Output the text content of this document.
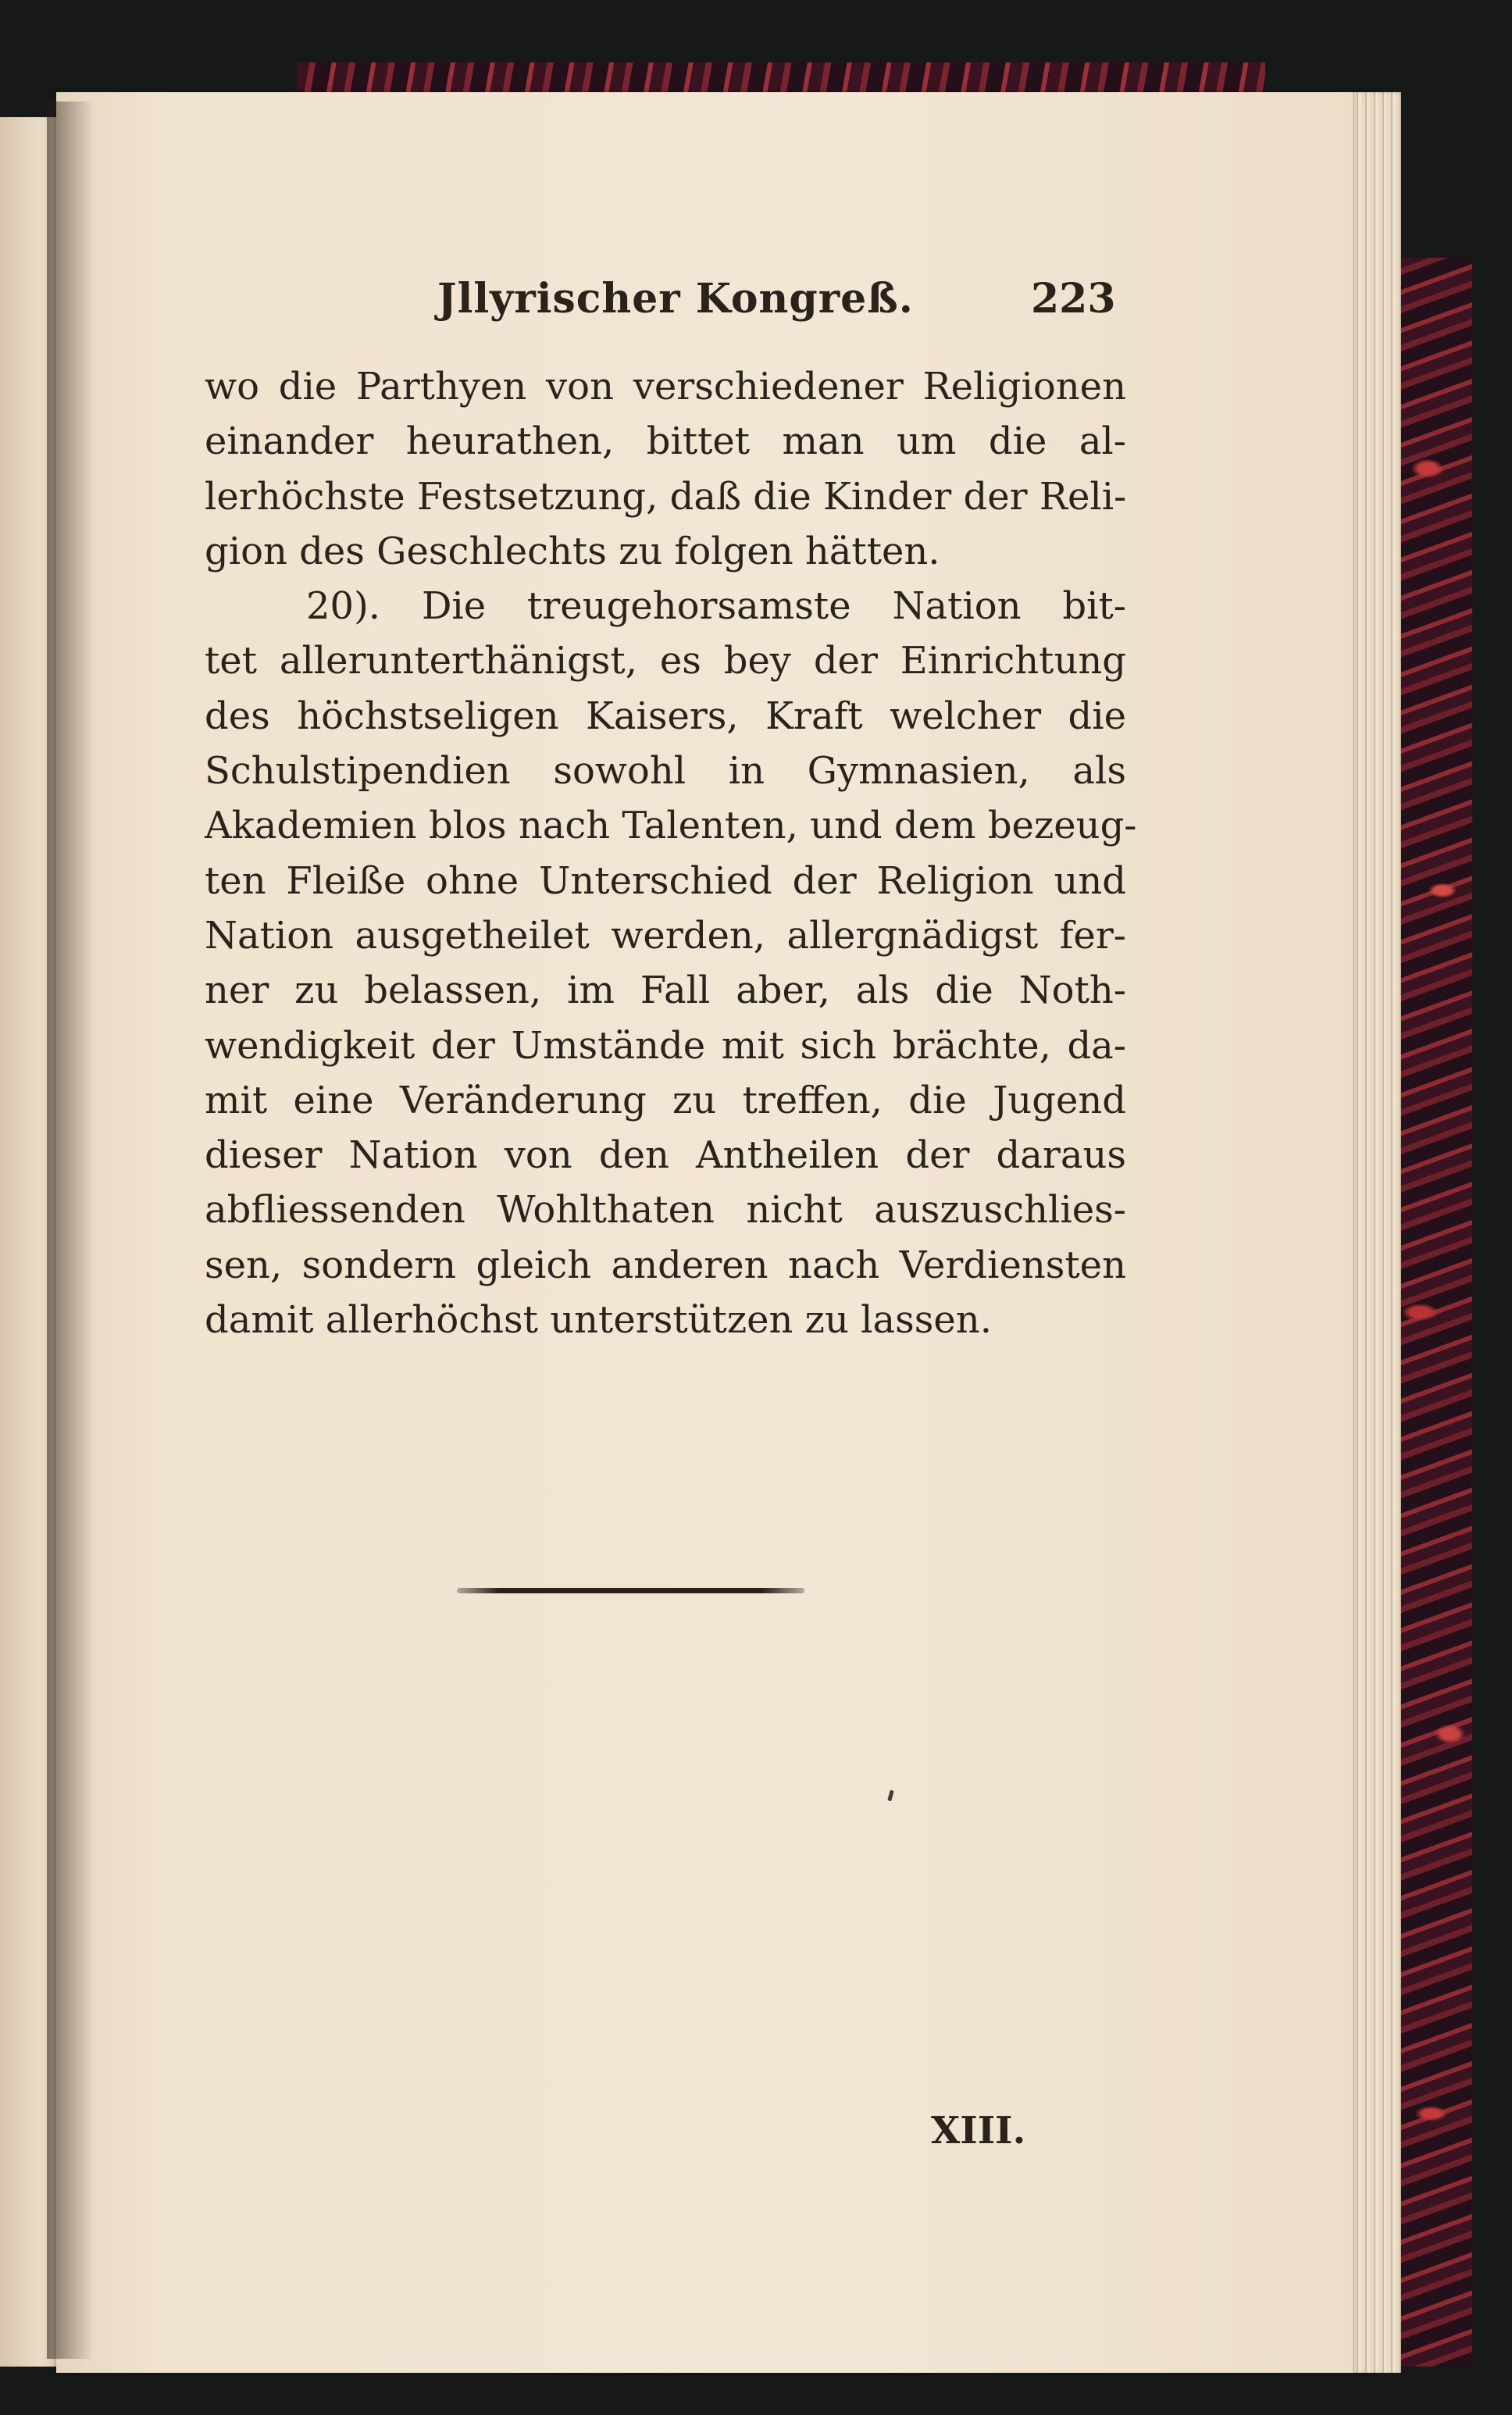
Jllyrischer Kongreß.	223
wo die Parthyen von verschiedener Religionen
einander heurathen, bittet man um die al-
lerhöchste Festsetzung, daß die Kinder der Reli-
gion des Geschlechts zu folgen hätten.
20). Die treugehorsamste Nation bit-
tet allerunterthänigst, es bey der Einrichtung
des höchstseligen Kaisers, Kraft welcher die
Schulstipendien sowohl in Gymnasien, als
Akademien blos nach Talenten, und dem bezeug-
ten Fleiße ohne Unterschied der Religion und
Nation ausgetheilet werden, allergnädigst fer-
ner zu belassen, im Fall aber, als die Noth-
wendigkeit der Umstände mit sich brächte, da-
mit eine Veränderung zu treffen, die Jugend
dieser Nation von den Antheilen der daraus
abfliessenden Wohlthaten nicht auszuschlies-
sen, sondern gleich anderen nach Verdiensten
damit allerhöchst unterstützen zu lassen.
XIII.
